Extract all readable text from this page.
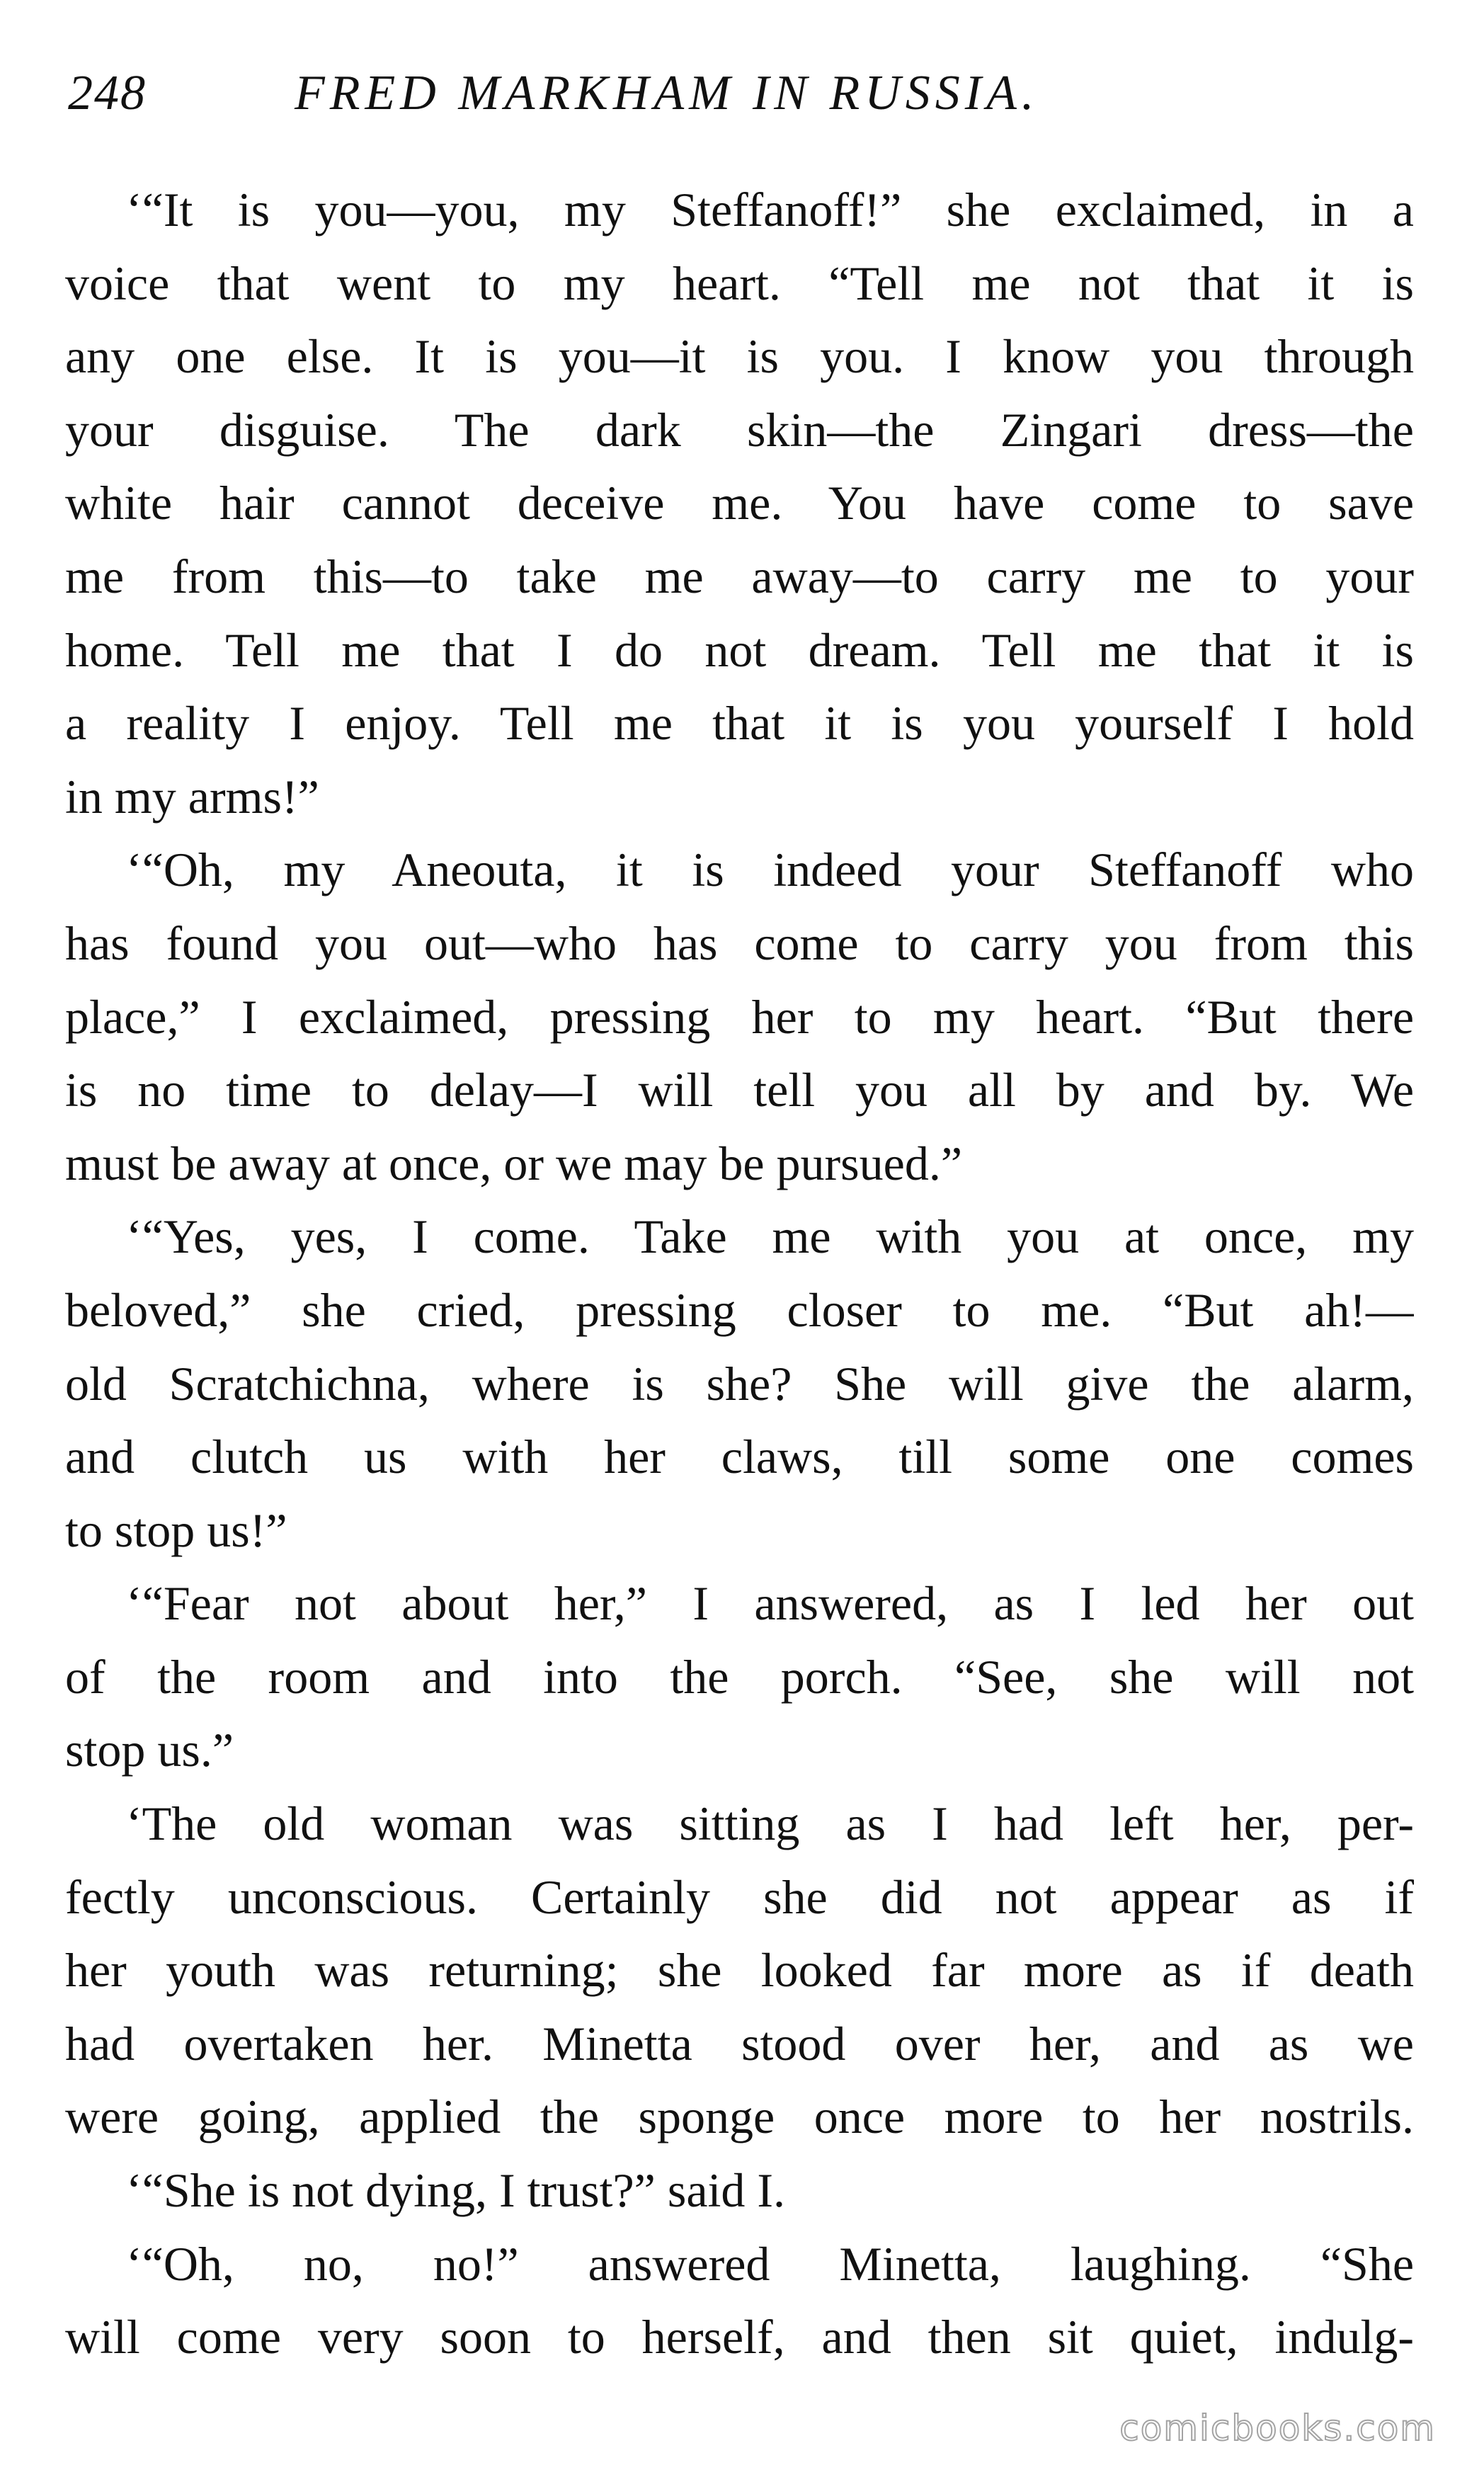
248	FRED MARKHAM IN RUSSIA.
‘“It is you—you, my Steffanoff!” she exclaimed, in a
voice that went to my heart. “Tell me not that it is
any one else. It is you—it is you. I know you through
your disguise. The dark skin—the Zingari dress—the
white hair cannot deceive me. You have come to save
me from this—to take me away—to carry me to your
home. Tell me that I do not dream. Tell me that it is
a reality I enjoy. Tell me that it is you yourself I hold
in my arms!”
‘“Oh, my Aneouta, it is indeed your Steffanoff who
has found you out—who has come to carry you from this
place,” I exclaimed, pressing her to my heart. “But there
is no time to delay—I will tell you all by and by. We
must be away at once, or we may be pursued.”
‘“Yes, yes, I come. Take me with you at once, my
beloved,” she cried, pressing closer to me. “But ah!—
old Scratchichna, where is she? She will give the alarm,
and clutch us with her claws, till some one comes
to stop us!”
‘“Fear not about her,” I answered, as I led her out
of the room and into the porch. “See, she will not
stop us.”
‘The old woman was sitting as I had left her, per-
fectly unconscious. Certainly she did not appear as if
her youth was returning; she looked far more as if death
had overtaken her. Minetta stood over her, and as we
were going, applied the sponge once more to her nostrils.
‘“She is not dying, I trust?” said I.
‘“Oh, no, no!” answered Minetta, laughing. “She
will come very soon to herself, and then sit quiet, indulg-
comicbooks.com
